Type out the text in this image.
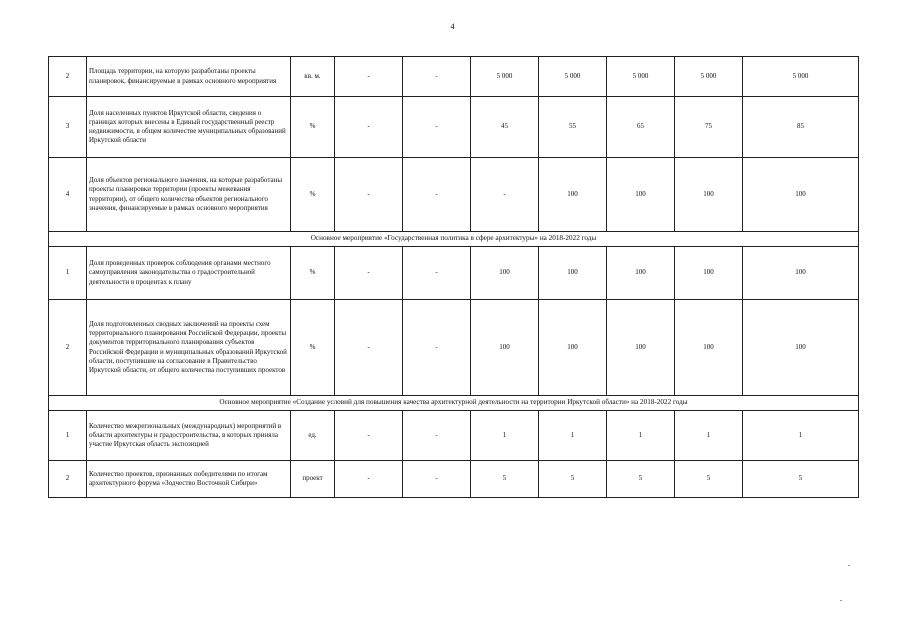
4
2	Площадь территории, на которую разработаны проекты планировок, финансируемые в рамках основного мероприятия	кв. м.	-	-	5 000	5 000	5 000	5 000	5 000
3	Доля населенных пунктов Иркутской области, сведения о границах которых внесены в Единый государственный реестр недвижимости, в общем количестве муниципальных образований Иркутской области	%	-	-	45	55	65	75	85
4	Доля объектов регионального значения, на которые разработаны проекты планировки территории (проекты межевания территории), от общего количества объектов регионального значения, финансируемые в рамках основного мероприятия	%	-	-	-	100	100	100	100
Основное мероприятие «Государственная политика в сфере архитектуры» на 2018-2022 годы									
1	Доля проведенных проверок соблюдения органами местного самоуправления законодательства о градостроительной деятельности в процентах к плану	%	-	-	100	100	100	100	100
2	Доля подготовленных сводных заключений на проекты схем территориального планирования Российской Федерации, проекты документов территориального планирования субъектов Российской Федерации и муниципальных образований Иркутской области, поступившие на согласование в Правительство Иркутской области, от общего количества поступивших проектов	%	-	-	100	100	100	100	100
Основное мероприятие «Создание условий для повышения качества архитектурной деятельности на территории Иркутской области» на 2018-2022 годы									
1	Количество межрегиональных (международных) мероприятий в области архитектуры и градостроительства, в которых приняла участие Иркутская область экспозицией	ед.	-	-	1	1	1	1	1
2	Количество проектов, признанных победителями по итогам архитектурного форума «Зодчество Восточной Сибири»	проект	-	-	5	5	5	5	5
